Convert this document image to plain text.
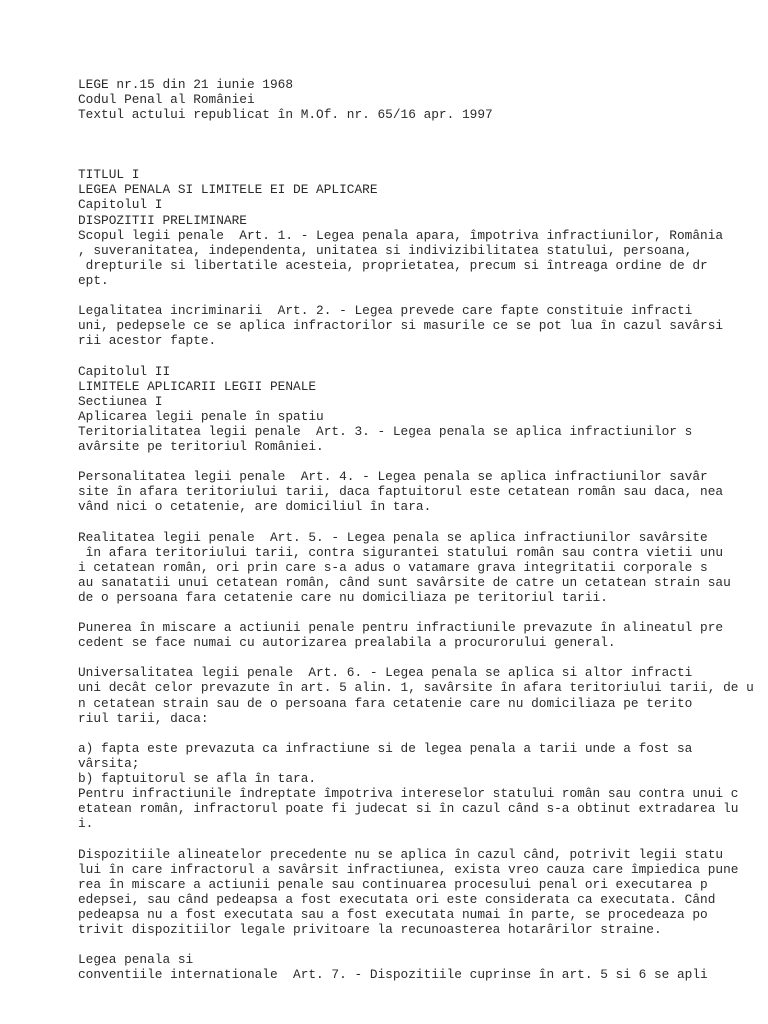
LEGE nr.15 din 21 iunie 1968
Codul Penal al României
Textul actului republicat în M.Of. nr. 65/16 apr. 1997
TITLUL I
LEGEA PENALA SI LIMITELE EI DE APLICARE
Capitolul I
DISPOZITII PRELIMINARE
Scopul legii penale  Art. 1. - Legea penala apara, împotriva infractiunilor, România
, suveranitatea, independenta, unitatea si indivizibilitatea statului, persoana,
drepturile si libertatile acesteia, proprietatea, precum si întreaga ordine de dr
ept.
Legalitatea incriminarii  Art. 2. - Legea prevede care fapte constituie infracti
uni, pedepsele ce se aplica infractorilor si masurile ce se pot lua în cazul savârsi
rii acestor fapte.
Capitolul II
LIMITELE APLICARII LEGII PENALE
Sectiunea I
Aplicarea legii penale în spatiu
Teritorialitatea legii penale  Art. 3. - Legea penala se aplica infractiunilor s
avârsite pe teritoriul României.
Personalitatea legii penale  Art. 4. - Legea penala se aplica infractiunilor savâr
site în afara teritoriului tarii, daca faptuitorul este cetatean român sau daca, nea
vând nici o cetatenie, are domiciliul în tara.
Realitatea legii penale  Art. 5. - Legea penala se aplica infractiunilor savârsite
în afara teritoriului tarii, contra sigurantei statului român sau contra vietii unu
i cetatean român, ori prin care s-a adus o vatamare grava integritatii corporale s
au sanatatii unui cetatean român, când sunt savârsite de catre un cetatean strain sau
de o persoana fara cetatenie care nu domiciliaza pe teritoriul tarii.
Punerea în miscare a actiunii penale pentru infractiunile prevazute în alineatul pre
cedent se face numai cu autorizarea prealabila a procurorului general.
Universalitatea legii penale  Art. 6. - Legea penala se aplica si altor infracti
uni decât celor prevazute în art. 5 alin. 1, savârsite în afara teritoriului tarii, de u
n cetatean strain sau de o persoana fara cetatenie care nu domiciliaza pe terito
riul tarii, daca:
a) fapta este prevazuta ca infractiune si de legea penala a tarii unde a fost sa
vârsita;
b) faptuitorul se afla în tara.
Pentru infractiunile îndreptate împotriva intereselor statului român sau contra unui c
etatean român, infractorul poate fi judecat si în cazul când s-a obtinut extradarea lu
i.
Dispozitiile alineatelor precedente nu se aplica în cazul când, potrivit legii statu
lui în care infractorul a savârsit infractiunea, exista vreo cauza care împiedica pune
rea în miscare a actiunii penale sau continuarea procesului penal ori executarea p
edepsei, sau când pedeapsa a fost executata ori este considerata ca executata. Când
pedeapsa nu a fost executata sau a fost executata numai în parte, se procedeaza po
trivit dispozitiilor legale privitoare la recunoasterea hotarârilor straine.
Legea penala si
conventiile internationale  Art. 7. - Dispozitiile cuprinse în art. 5 si 6 se apli
